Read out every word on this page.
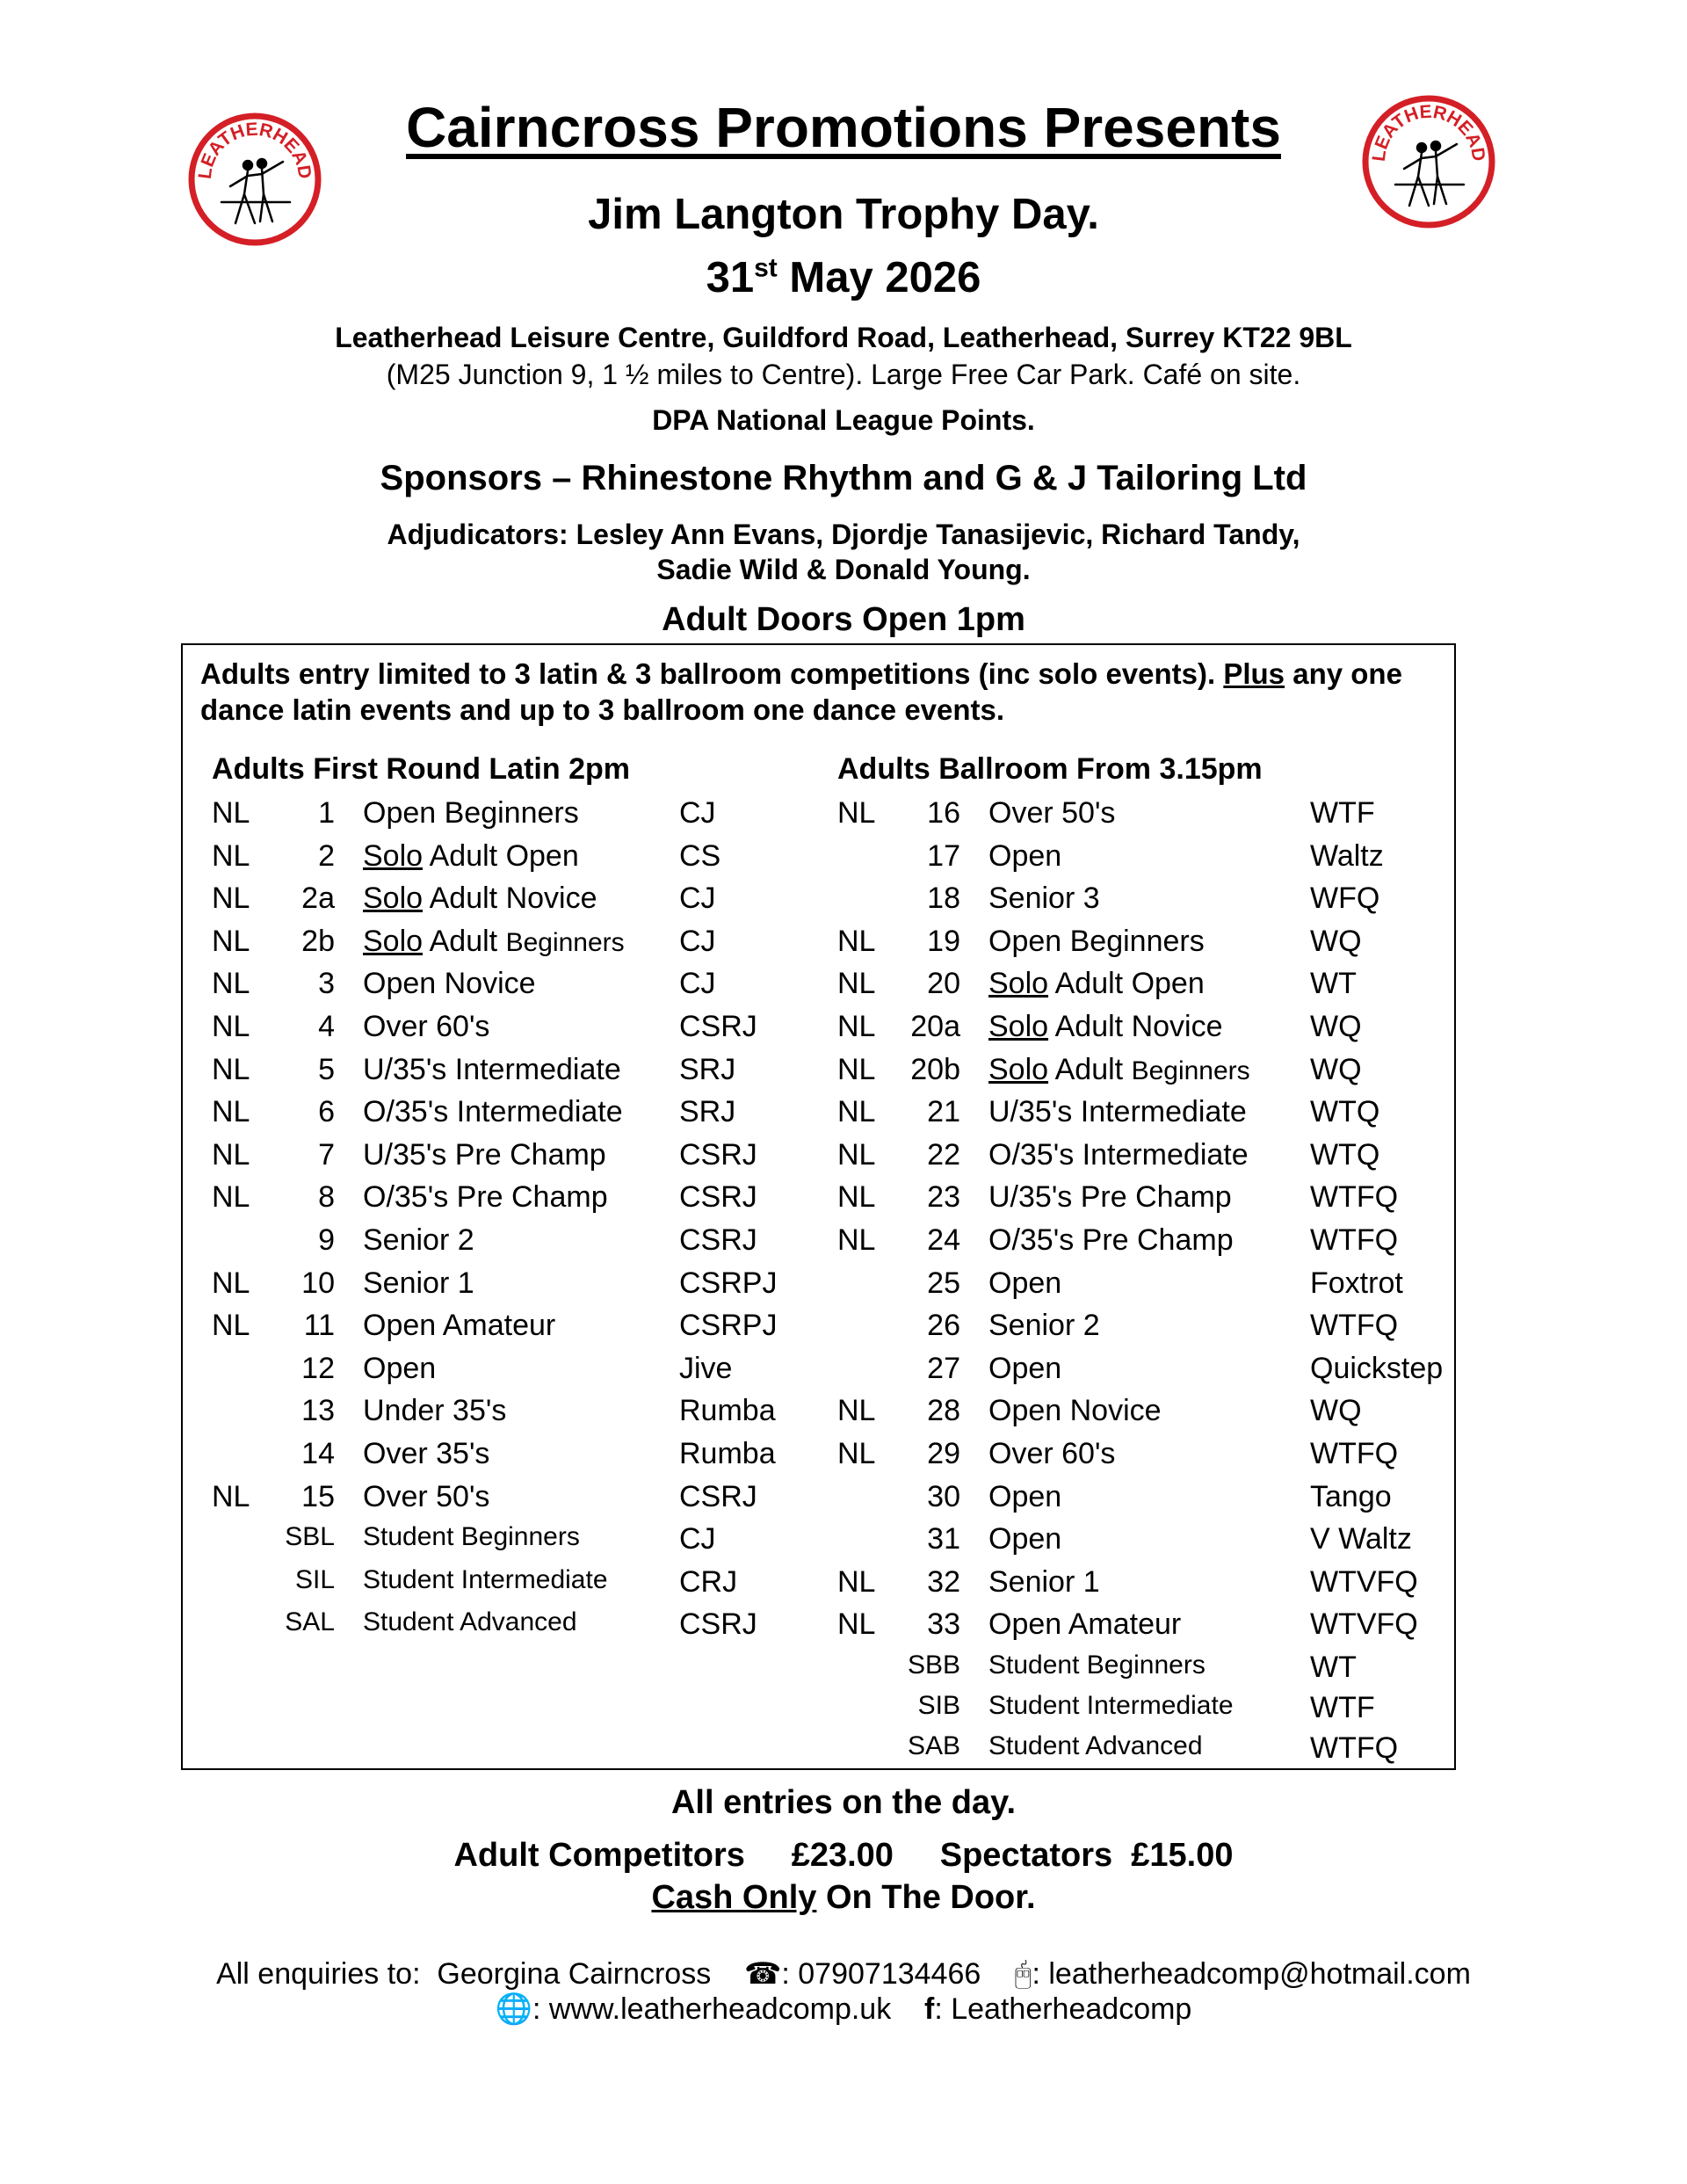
LEATHERHEAD
LEATHERHEAD
Cairncross Promotions Presents
Jim Langton Trophy Day.
31st May 2026
Leatherhead Leisure Centre, Guildford Road, Leatherhead, Surrey KT22 9BL
(M25 Junction 9, 1 ½ miles to Centre). Large Free Car Park. Café on site.
DPA National League Points.
Sponsors – Rhinestone Rhythm and G & J Tailoring Ltd
Adjudicators: Lesley Ann Evans, Djordje Tanasijevic, Richard Tandy,
Sadie Wild & Donald Young.
Adult Doors Open 1pm
Adults entry limited to 3 latin & 3 ballroom competitions (inc solo events). Plus any one dance latin events and up to 3 ballroom one dance events.
Adults First Round Latin 2pm	Adults Ballroom From 3.15pm
NL	1 Open Beginners	CJ
NL	2 Solo Adult Open	CS
NL	2a Solo Adult Novice	CJ
NL	2b Solo Adult Beginners CJ
NL	3 Open Novice	CJ
NL	4 Over 60's	CSRJ
NL	5 U/35's Intermediate SRJ
NL	6 O/35's Intermediate SRJ
NL	7 U/35's Pre Champ CSRJ
NL	8 O/35's Pre Champ CSRJ
9 Senior 2	CSRJ
NL	10 Senior 1	CSRPJ
NL	11 Open Amateur	CSRPJ
12 Open	Jive
13 Under 35's	Rumba
14 Over 35's	Rumba
NL	15 Over 50's	CSRJ
SBL Student Beginners	CJ
SIL Student Intermediate CRJ
SAL Student Advanced	CSRJ
NL	16 Over 50's	WTF
17 Open	Waltz
18 Senior 3	WFQ
NL	19 Open Beginners	WQ
NL	20 Solo Adult Open	WT
NL	20a Solo Adult Novice	WQ
NL	20b Solo Adult Beginners WQ
NL	21 U/35's Intermediate WTQ
NL	22 O/35's Intermediate WTQ
NL	23 U/35's Pre Champ	WTFQ
NL	24 O/35's Pre Champ	WTFQ
25 Open	Foxtrot
26 Senior 2	WTFQ
27 Open	Quickstep
NL	28 Open Novice	WQ
NL	29 Over 60's	WTFQ
30 Open	Tango
31 Open	V Waltz
NL	32 Senior 1	WTVFQ
NL	33 Open Amateur	WTVFQ
SBB Student Beginners	WT
SIB Student Intermediate	WTF
SAB Student Advanced	WTFQ
All entries on the day.
Adult Competitors £23.00 Spectators £15.00
Cash Only On The Door.
All enquiries to:  Georgina Cairncross ☎: 07907134466 🖰: leatherheadcomp@hotmail.com
🌐: www.leatherheadcomp.uk f: Leatherheadcomp
